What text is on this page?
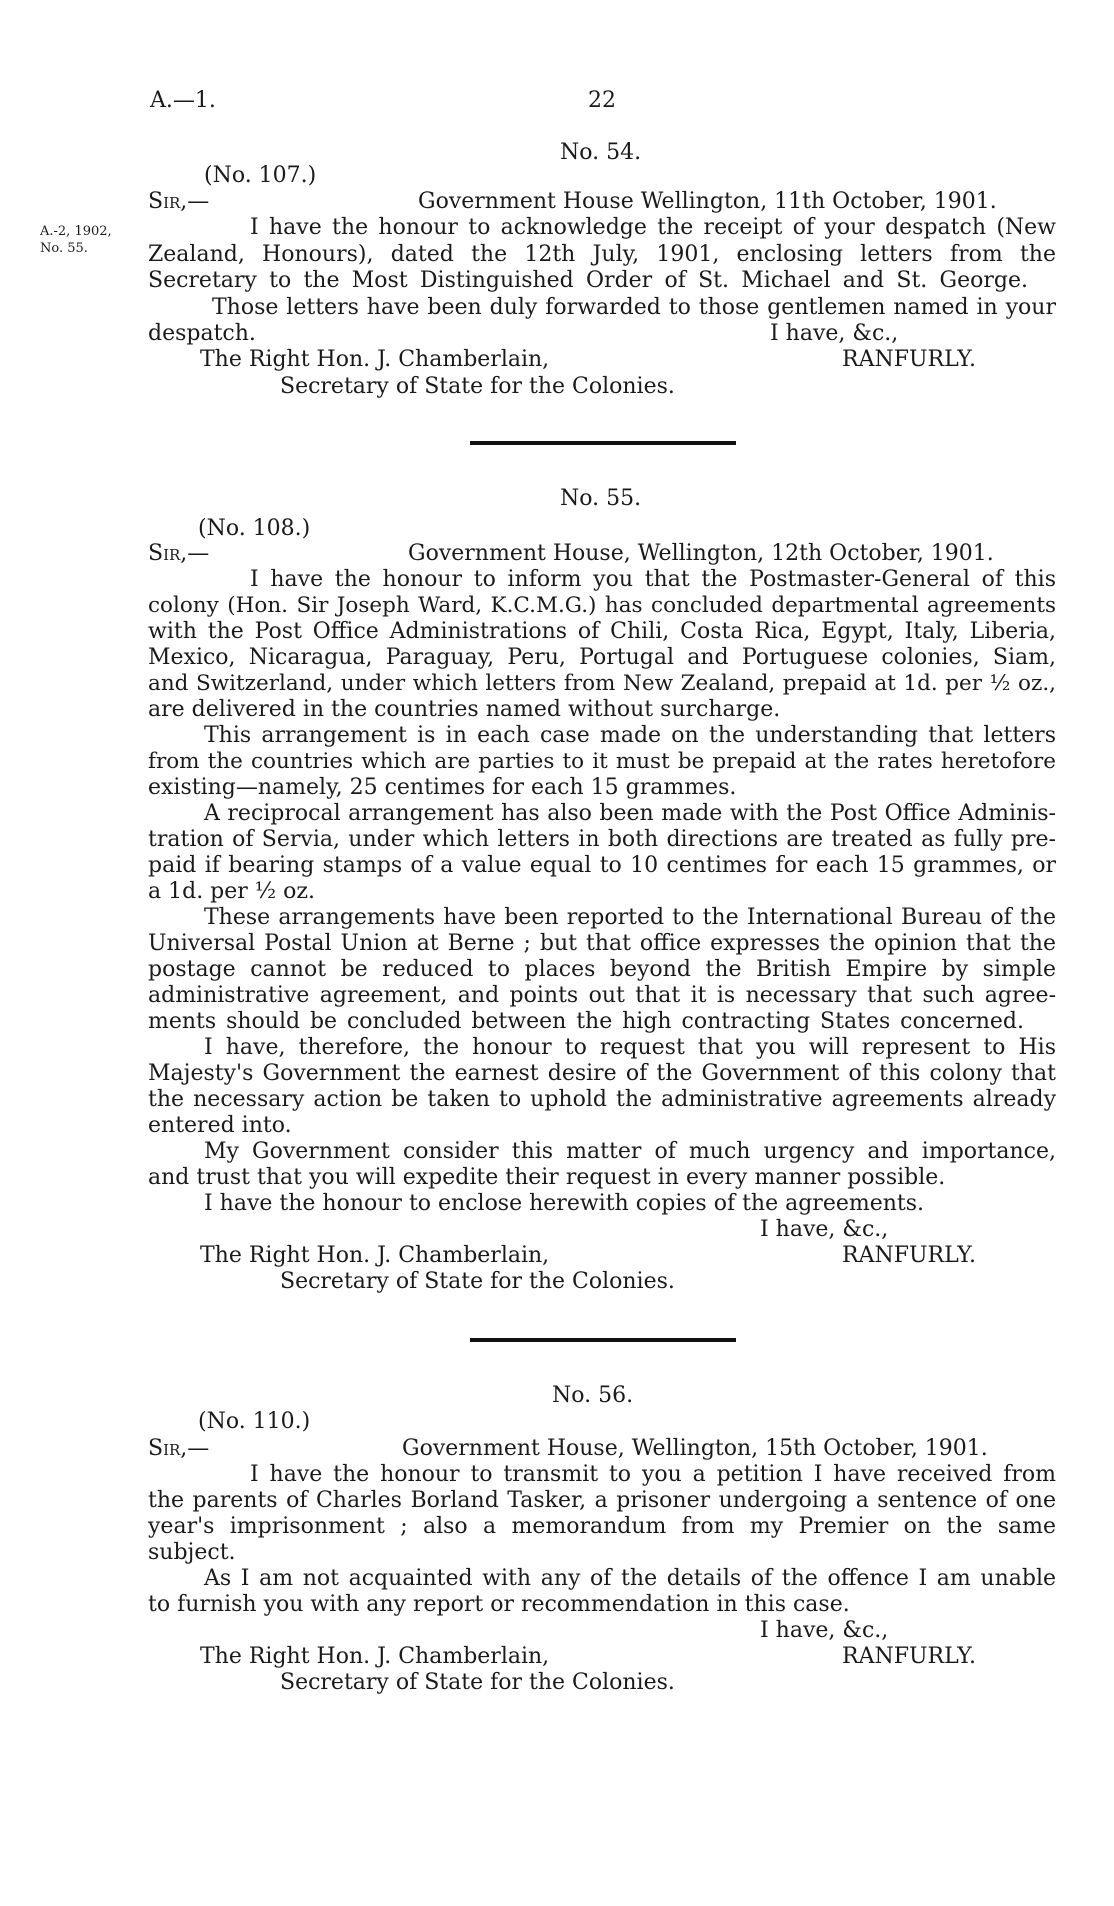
A.—1.	22
No. 54.
(No. 107.)
Sir,—	Government House Wellington, 11th October, 1901.
A.-2, 1902,
No. 55.
I have the honour to acknowledge the receipt of your despatch (New
Zealand, Honours), dated the 12th July, 1901, enclosing letters from the
Secretary to the Most Distinguished Order of St. Michael and St. George.
Those letters have been duly forwarded to those gentlemen named in your
despatch.	I have, &c.,
The Right Hon. J. Chamberlain,	RANFURLY.
Secretary of State for the Colonies.
No. 55.
(No. 108.)
Sir,—	Government House, Wellington, 12th October, 1901.
I have the honour to inform you that the Postmaster-General of this
colony (Hon. Sir Joseph Ward, K.C.M.G.) has concluded departmental agreements
with the Post Office Administrations of Chili, Costa Rica, Egypt, Italy, Liberia,
Mexico, Nicaragua, Paraguay, Peru, Portugal and Portuguese colonies, Siam,
and Switzerland, under which letters from New Zealand, prepaid at 1d. per ½ oz.,
are delivered in the countries named without surcharge.
This arrangement is in each case made on the understanding that letters
from the countries which are parties to it must be prepaid at the rates heretofore
existing—namely, 25 centimes for each 15 grammes.
A reciprocal arrangement has also been made with the Post Office Adminis-
tration of Servia, under which letters in both directions are treated as fully pre-
paid if bearing stamps of a value equal to 10 centimes for each 15 grammes, or
a 1d. per ½ oz.
These arrangements have been reported to the International Bureau of the
Universal Postal Union at Berne ; but that office expresses the opinion that the
postage cannot be reduced to places beyond the British Empire by simple
administrative agreement, and points out that it is necessary that such agree-
ments should be concluded between the high contracting States concerned.
I have, therefore, the honour to request that you will represent to His
Majesty's Government the earnest desire of the Government of this colony that
the necessary action be taken to uphold the administrative agreements already
entered into.
My Government consider this matter of much urgency and importance,
and trust that you will expedite their request in every manner possible.
I have the honour to enclose herewith copies of the agreements.
I have, &c.,
The Right Hon. J. Chamberlain,	RANFURLY.
Secretary of State for the Colonies.
No. 56.
(No. 110.)
Sir,—	Government House, Wellington, 15th October, 1901.
I have the honour to transmit to you a petition I have received from
the parents of Charles Borland Tasker, a prisoner undergoing a sentence of one
year's imprisonment ; also a memorandum from my Premier on the same
subject.
As I am not acquainted with any of the details of the offence I am unable
to furnish you with any report or recommendation in this case.
I have, &c.,
The Right Hon. J. Chamberlain,	RANFURLY.
Secretary of State for the Colonies.
